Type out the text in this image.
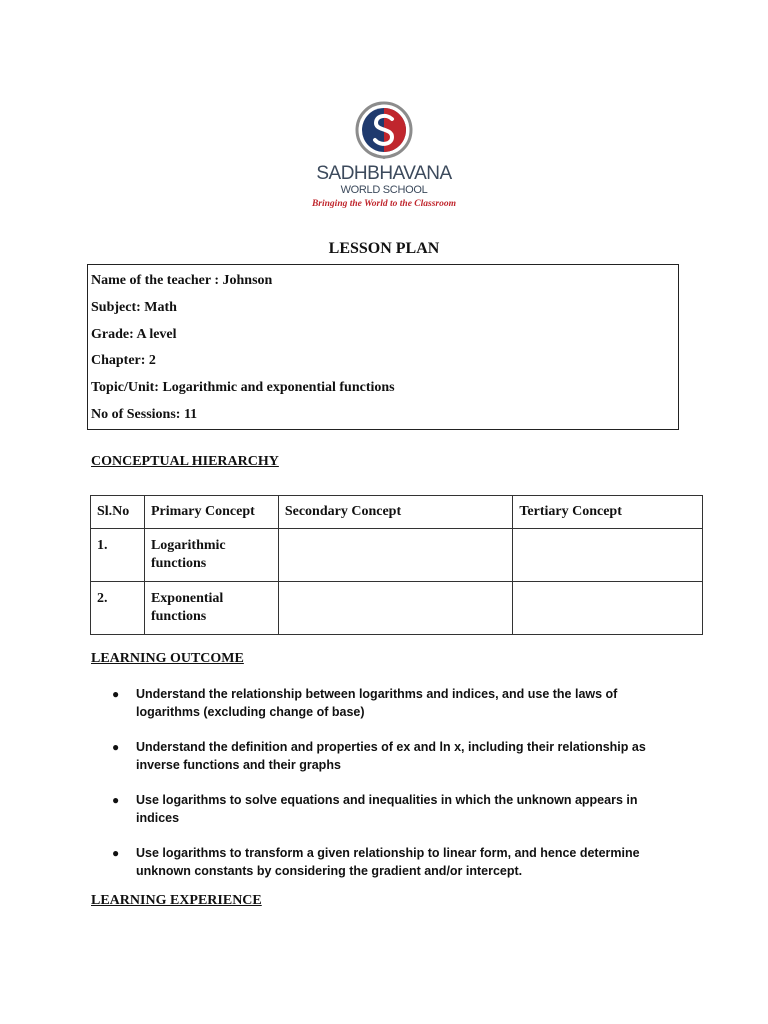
SADHBHAVANA
WORLD SCHOOL
Bringing the World to the Classroom
LESSON PLAN
Name of the teacher : Johnson
Subject: Math
Grade: A level
Chapter: 2
Topic/Unit: Logarithmic and exponential functions
No of Sessions: 11
CONCEPTUAL HIERARCHY
Sl.No	Primary Concept	Secondary Concept	Tertiary Concept
1.	Logarithmic functions		
2.	Exponential functions		
LEARNING OUTCOME
● Understand the relationship between logarithms and indices, and use the laws of logarithms (excluding change of base)
● Understand the definition and properties of ex and ln x, including their relationship as inverse functions and their graphs
● Use logarithms to solve equations and inequalities in which the unknown appears in indices
● Use logarithms to transform a given relationship to linear form, and hence determine unknown constants by considering the gradient and/or intercept.
LEARNING EXPERIENCE
